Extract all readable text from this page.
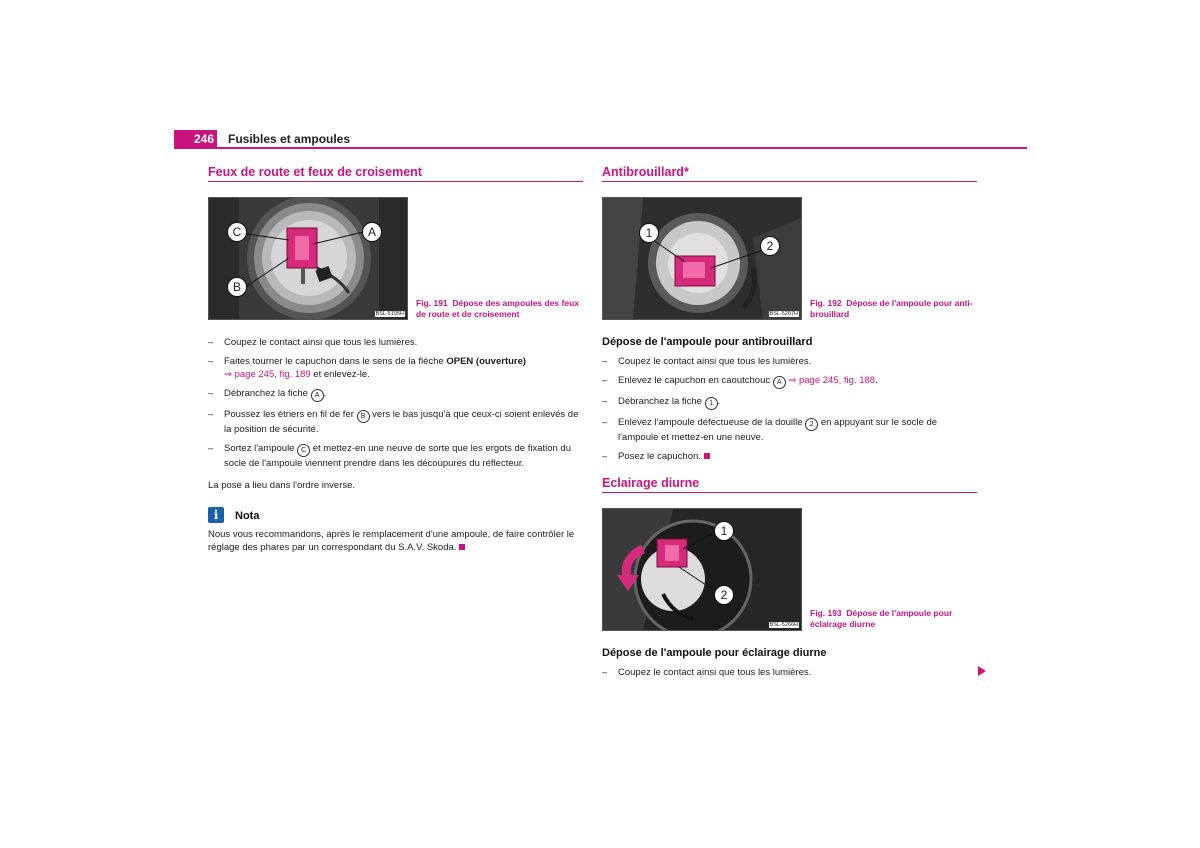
246 Fusibles et ampoules
Feux de route et feux de croisement
C	A
B
BSL-5195H
Fig. 191 Dépose des ampoules des feux de route et de croisement
– Coupez le contact ainsi que tous les lumières.
– Faites tourner le capuchon dans le sens de la flèche OPEN (ouverture)
⇒ page 245, fig. 189 et enlevez-le.
– Débranchez la fiche A .
– Poussez les étriers en fil de fer B vers le bas jusqu'à que ceux-ci soient enlevés de la position de sécurité.
– Sortez l'ampoule C et mettez-en une neuve de sorte que les ergots de fixation du socle de l'ampoule viennent prendre dans les découpures du réflecteur.
La pose a lieu dans l'ordre inverse.
i	Nota
Nous vous recommandons, après le remplacement d'une ampoule, de faire contrôler le réglage des phares par un correspondant du S.A.V. Skoda.
Antibrouillard*
1
2
BSL-5207H
Fig. 192 Dépose de l'ampoule pour anti-brouillard
Dépose de l'ampoule pour antibrouillard
– Coupez le contact ainsi que tous les lumières.
– Enlevez le capuchon en caoutchouc A ⇒ page 245, fig. 188.
– Débranchez la fiche 1 .
– Enlevez l'ampoule défectueuse de la douille 2 en appuyant sur le socle de l'ampoule et mettez-en une neuve.
– Posez le capuchon.
Eclairage diurne
1
2
BSL-5266H
Fig. 193 Dépose de l'ampoule pour éclairage diurne
Dépose de l'ampoule pour éclairage diurne
– Coupez le contact ainsi que tous les lumières.
